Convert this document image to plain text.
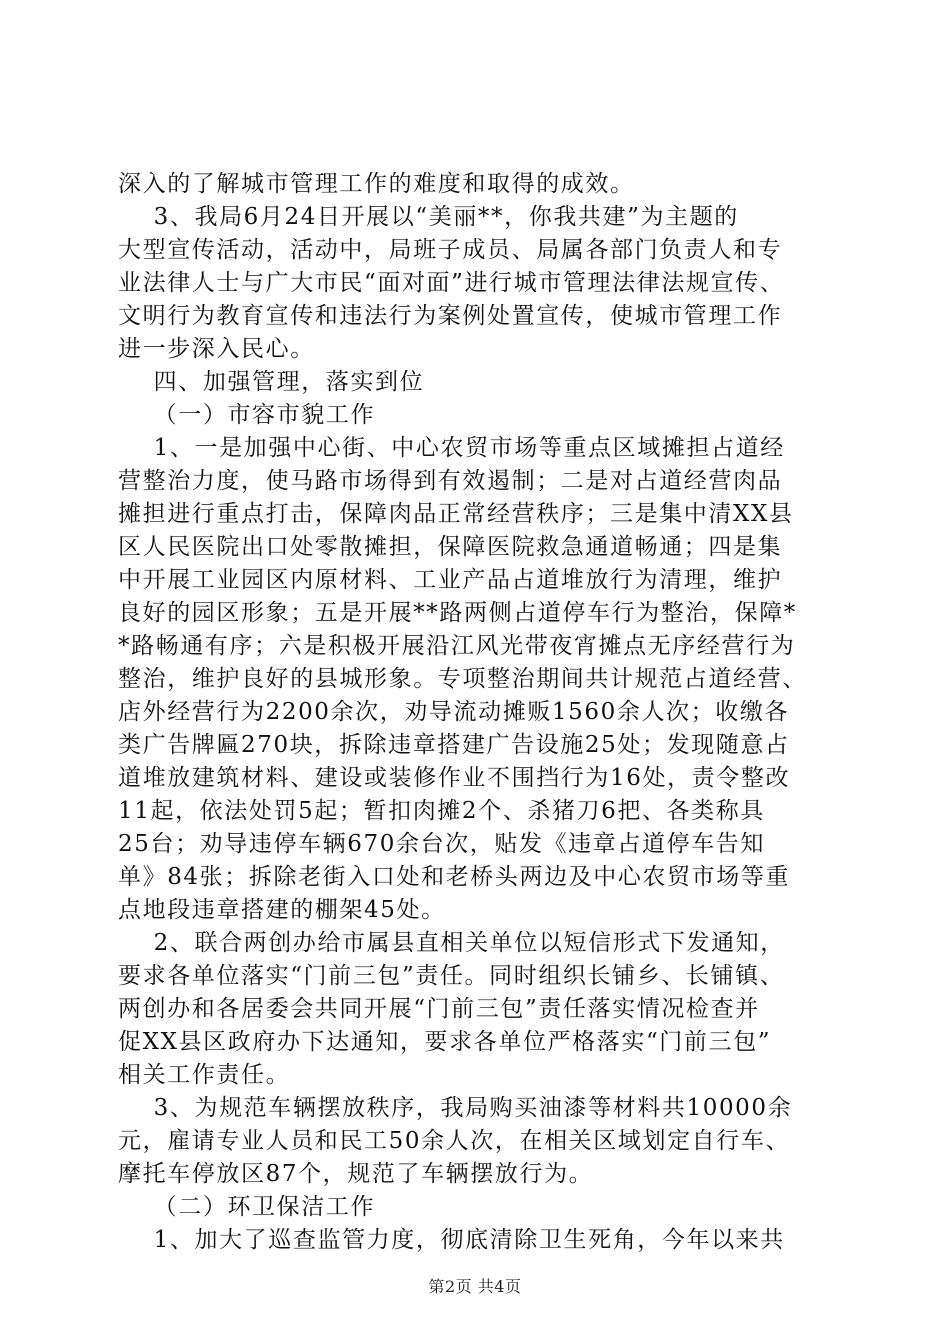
深入的了解城市管理工作的难度和取得的成效。
3、我局6月24日开展以“美丽**，你我共建”为主题的
大型宣传活动，活动中，局班子成员、局属各部门负责人和专
业法律人士与广大市民“面对面”进行城市管理法律法规宣传、
文明行为教育宣传和违法行为案例处置宣传，使城市管理工作
进一步深入民心。
四、加强管理，落实到位
（一）市容市貌工作
1、一是加强中心街、中心农贸市场等重点区域摊担占道经
营整治力度，使马路市场得到有效遏制；二是对占道经营肉品
摊担进行重点打击，保障肉品正常经营秩序；三是集中清XX县
区人民医院出口处零散摊担，保障医院救急通道畅通；四是集
中开展工业园区内原材料、工业产品占道堆放行为清理，维护
良好的园区形象；五是开展**路两侧占道停车行为整治，保障*
*路畅通有序；六是积极开展沿江风光带夜宵摊点无序经营行为
整治，维护良好的县城形象。专项整治期间共计规范占道经营、
店外经营行为2200余次，劝导流动摊贩1560余人次；收缴各
类广告牌匾270块，拆除违章搭建广告设施25处；发现随意占
道堆放建筑材料、建设或装修作业不围挡行为16处，责令整改
11起，依法处罚5起；暂扣肉摊2个、杀猪刀6把、各类称具
25台；劝导违停车辆670余台次，贴发《违章占道停车告知
单》84张；拆除老街入口处和老桥头两边及中心农贸市场等重
点地段违章搭建的棚架45处。
2、联合两创办给市属县直相关单位以短信形式下发通知，
要求各单位落实“门前三包”责任。同时组织长铺乡、长铺镇、
两创办和各居委会共同开展“门前三包”责任落实情况检查并
促XX县区政府办下达通知，要求各单位严格落实“门前三包”
相关工作责任。
3、为规范车辆摆放秩序，我局购买油漆等材料共10000余
元，雇请专业人员和民工50余人次，在相关区域划定自行车、
摩托车停放区87个，规范了车辆摆放行为。
（二）环卫保洁工作
1、加大了巡查监管力度，彻底清除卫生死角，今年以来共
第2页 共4页
